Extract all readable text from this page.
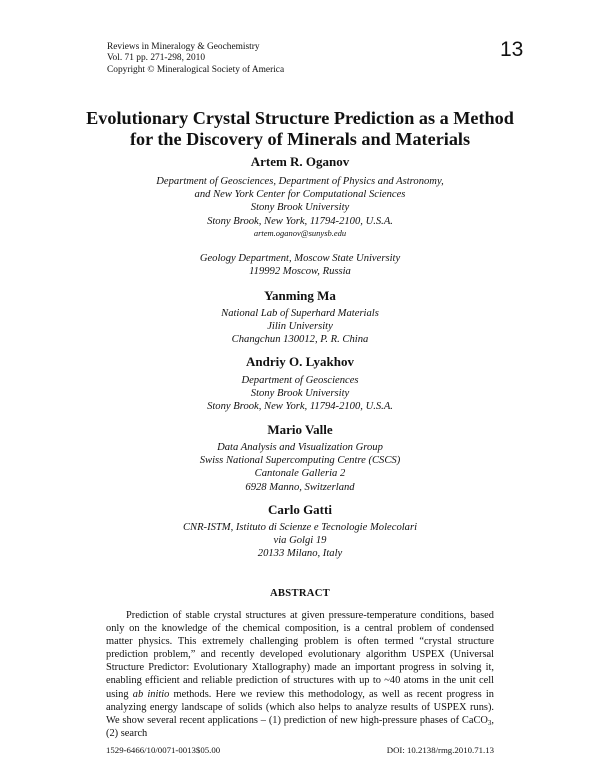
Reviews in Mineralogy & Geochemistry
Vol. 71 pp. 271-298, 2010
Copyright © Mineralogical Society of America
13
Evolutionary Crystal Structure Prediction as a Method
for the Discovery of Minerals and Materials
Artem R. Oganov
Department of Geosciences, Department of Physics and Astronomy,
and New York Center for Computational Sciences
Stony Brook University
Stony Brook, New York, 11794-2100, U.S.A.
artem.oganov@sunysb.edu
Geology Department, Moscow State University
119992 Moscow, Russia
Yanming Ma
National Lab of Superhard Materials
Jilin University
Changchun 130012, P. R. China
Andriy O. Lyakhov
Department of Geosciences
Stony Brook University
Stony Brook, New York, 11794-2100, U.S.A.
Mario Valle
Data Analysis and Visualization Group
Swiss National Supercomputing Centre (CSCS)
Cantonale Galleria 2
6928 Manno, Switzerland
Carlo Gatti
CNR-ISTM, Istituto di Scienze e Tecnologie Molecolari
via Golgi 19
20133 Milano, Italy
ABSTRACT
Prediction of stable crystal structures at given pressure-temperature conditions, based only on the knowledge of the chemical composition, is a central problem of condensed matter physics. This extremely challenging problem is often termed “crystal structure prediction problem,” and recently developed evolutionary algorithm USPEX (Universal Structure Predictor: Evolutionary Xtallography) made an important progress in solving it, enabling efficient and reliable prediction of structures with up to ~40 atoms in the unit cell using ab initio methods. Here we review this methodology, as well as recent progress in analyzing energy landscape of solids (which also helps to analyze results of USPEX runs). We show several recent applications – (1) prediction of new high-pressure phases of CaCO$_3$, (2) search
1529-6466/10/0071-0013$05.00	DOI: 10.2138/rmg.2010.71.13
